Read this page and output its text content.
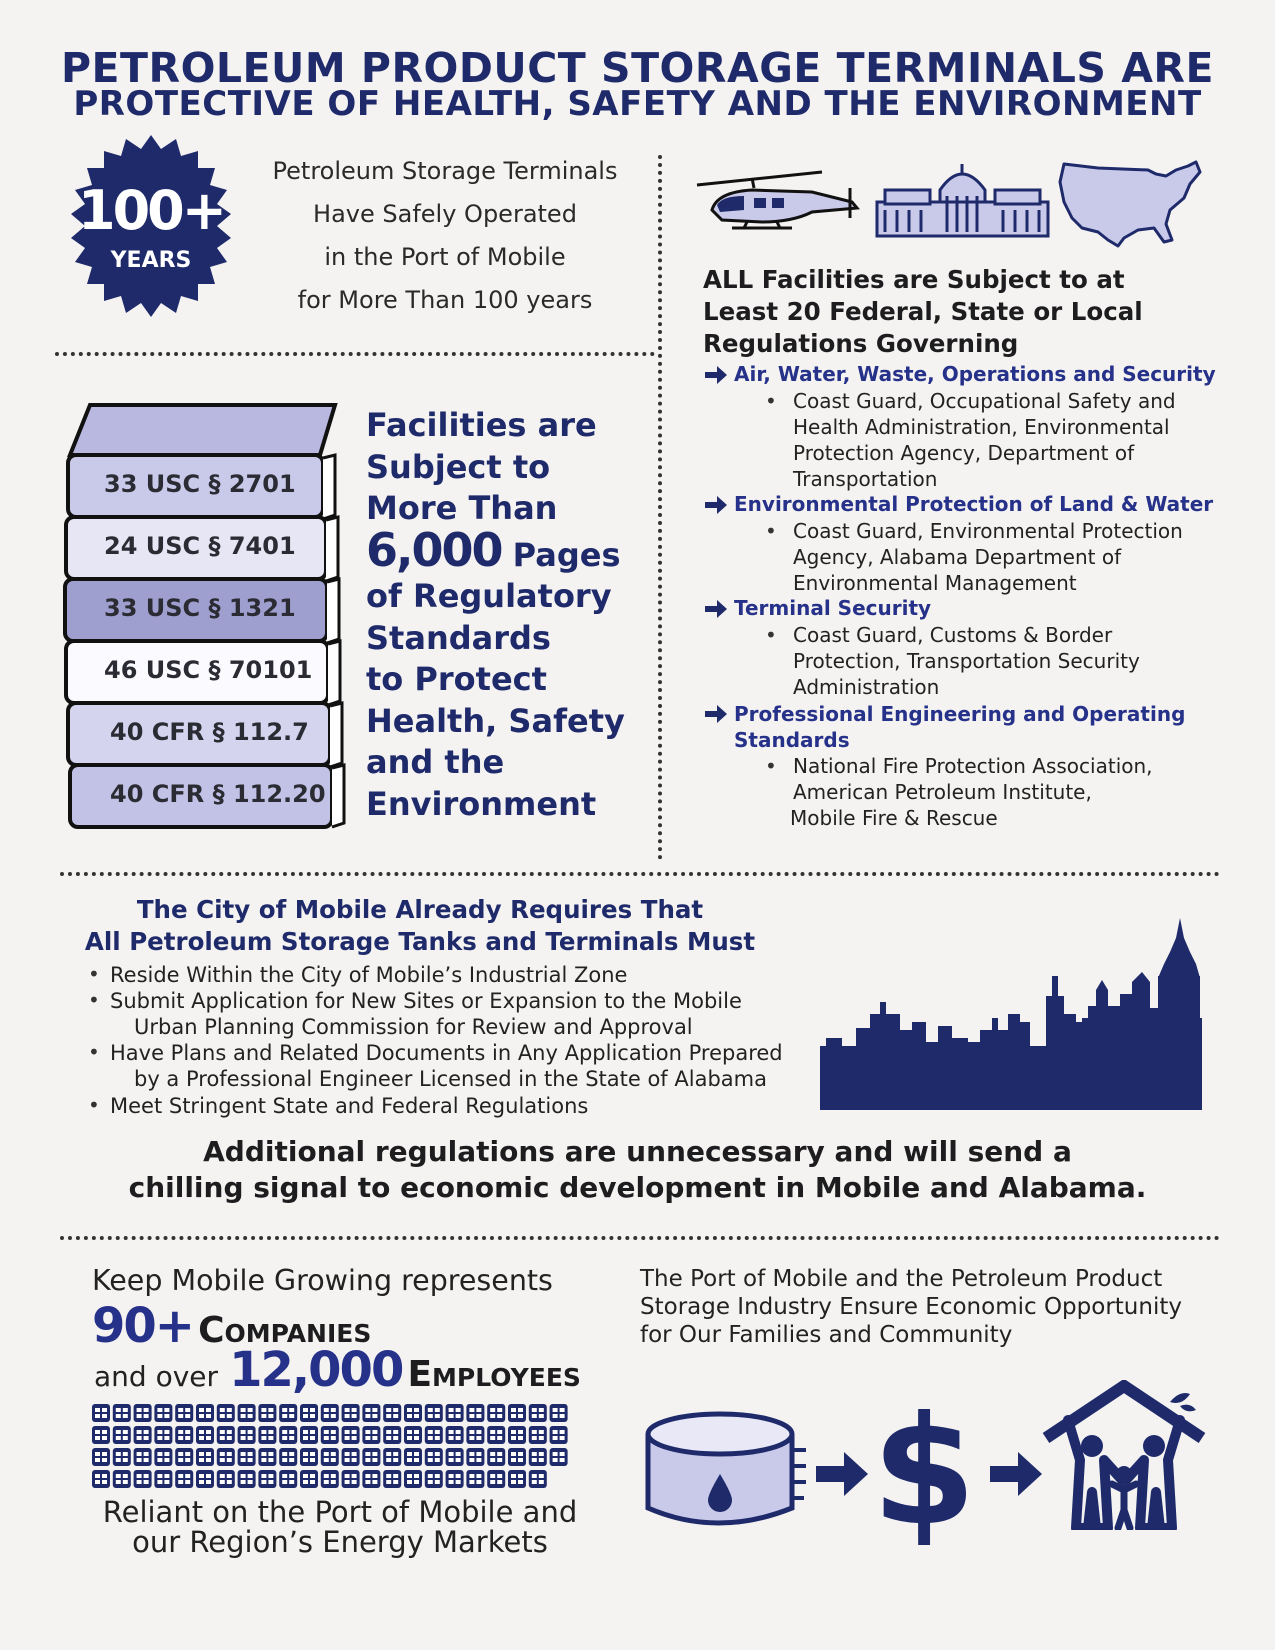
PETROLEUM PRODUCT STORAGE TERMINALS ARE
PROTECTIVE OF HEALTH, SAFETY AND THE ENVIRONMENT
100+
YEARS
Petroleum Storage Terminals
Have Safely Operated
in the Port of Mobile
for More Than 100 years
33 USC § 2701
24 USC § 7401
33 USC § 1321
46 USC § 70101
40 CFR § 112.7
40 CFR § 112.20
Facilities are
Subject to
More Than
6,000 Pages
of Regulatory
Standards
to Protect
Health, Safety
and the
Environment
ALL Facilities are Subject to at
Least 20 Federal, State or Local
Regulations Governing
Air, Water, Waste, Operations and Security
• Coast Guard, Occupational Safety and
Health Administration, Environmental
Protection Agency, Department of
Transportation
Environmental Protection of Land & Water
• Coast Guard, Environmental Protection
Agency, Alabama Department of
Environmental Management
Terminal Security
• Coast Guard, Customs & Border
Protection, Transportation Security
Administration
Professional Engineering and Operating
Standards
• National Fire Protection Association,
American Petroleum Institute,
Mobile Fire & Rescue
The City of Mobile Already Requires That
All Petroleum Storage Tanks and Terminals Must
• Reside Within the City of Mobile’s Industrial Zone
• Submit Application for New Sites or Expansion to the Mobile
Urban Planning Commission for Review and Approval
• Have Plans and Related Documents in Any Application Prepared
by a Professional Engineer Licensed in the State of Alabama
• Meet Stringent State and Federal Regulations
Additional regulations are unnecessary and will send a
chilling signal to economic development in Mobile and Alabama.
Keep Mobile Growing represents
90+ Companies
and over 12,000 Employees
Reliant on the Port of Mobile and
our Region’s Energy Markets
The Port of Mobile and the Petroleum Product
Storage Industry Ensure Economic Opportunity
for Our Families and Community
$
